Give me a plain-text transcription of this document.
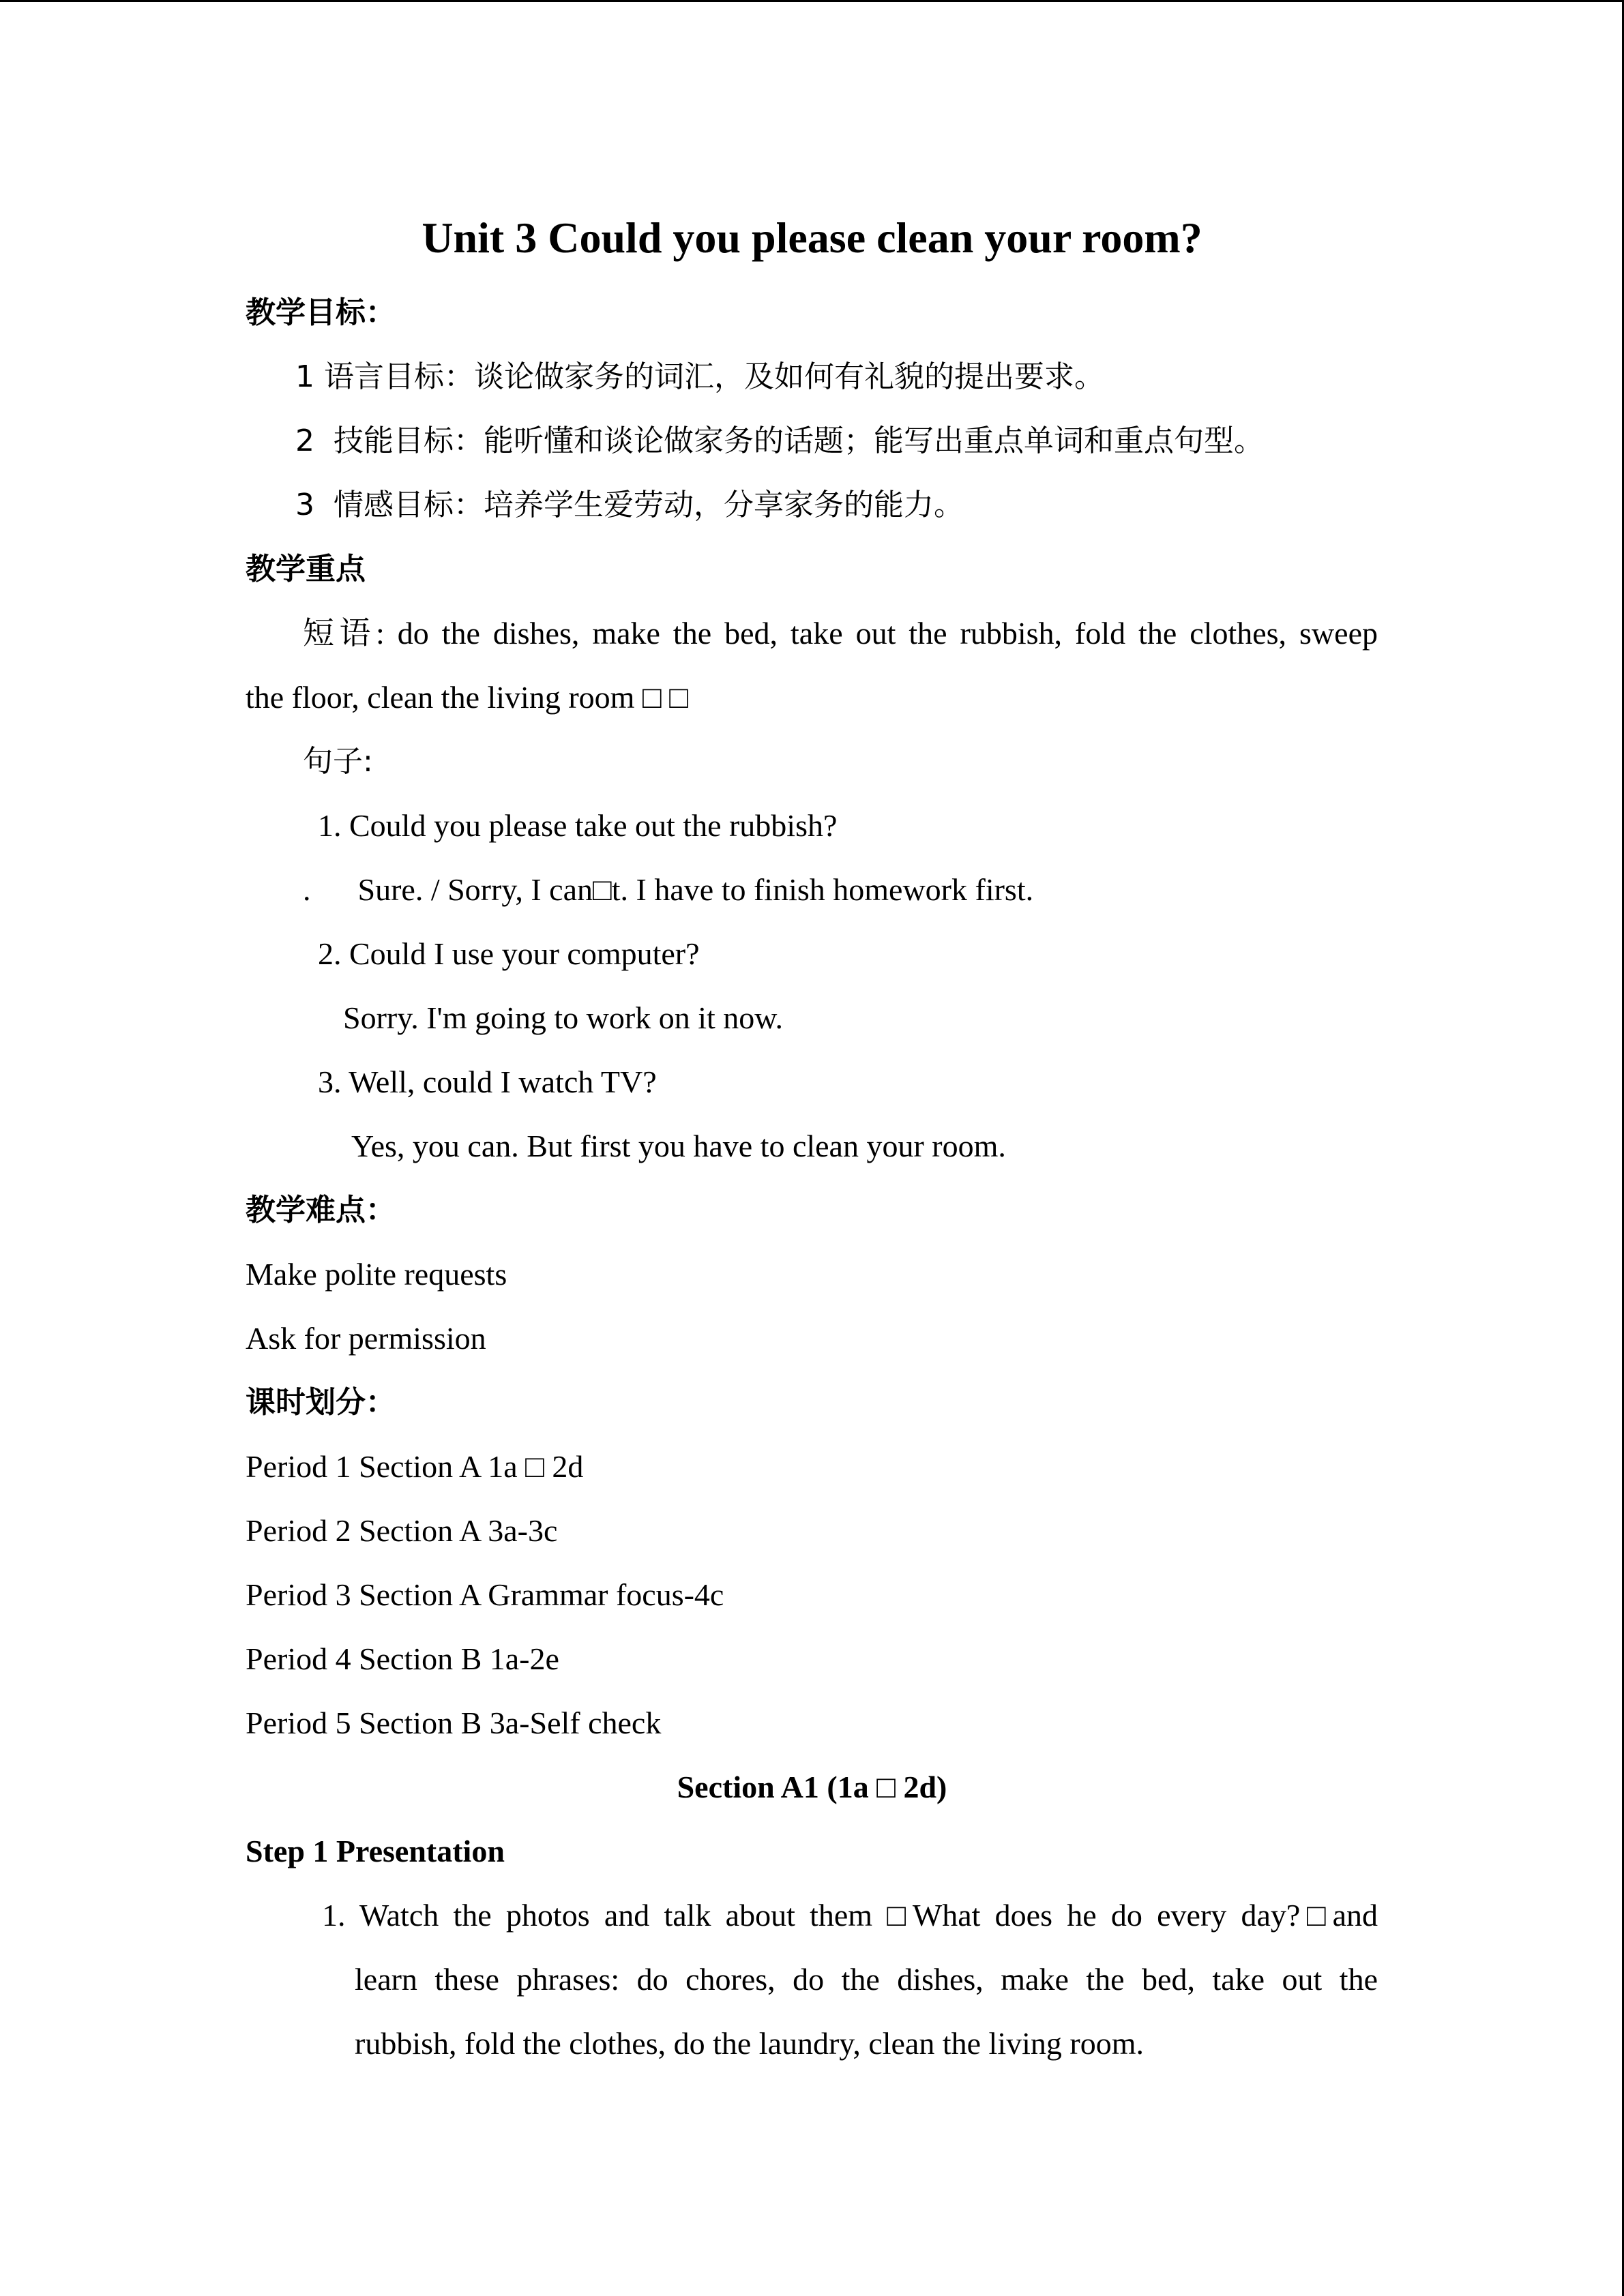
Unit 3 Could you please clean your room?
教学目标：
1 语言目标：谈论做家务的词汇，及如何有礼貌的提出要求。
2  技能目标：能听懂和谈论做家务的话题；能写出重点单词和重点句型。
3  情感目标：培养学生爱劳动，分享家务的能力。
教学重点
短语: do the dishes, make the bed, take out the rubbish, fold the clothes, sweep
the floor, clean the living room □ □
句子:
1. Could you please take out the rubbish?
.      Sure. / Sorry, I can□t. I have to finish homework first.
2. Could I use your computer?
Sorry. I'm going to work on it now.
3. Well, could I watch TV?
Yes, you can. But first you have to clean your room.
教学难点：
Make polite requests
Ask for permission
课时划分：
Period 1 Section A 1a □ 2d
Period 2 Section A 3a-3c
Period 3 Section A Grammar focus-4c
Period 4 Section B 1a-2e
Period 5 Section B 3a-Self check
Section A1 (1a □ 2d)
Step 1 Presentation
1. Watch the photos and talk about them □What does he do every day?□and
learn these phrases: do chores, do the dishes, make the bed, take out the
rubbish, fold the clothes, do the laundry, clean the living room.
